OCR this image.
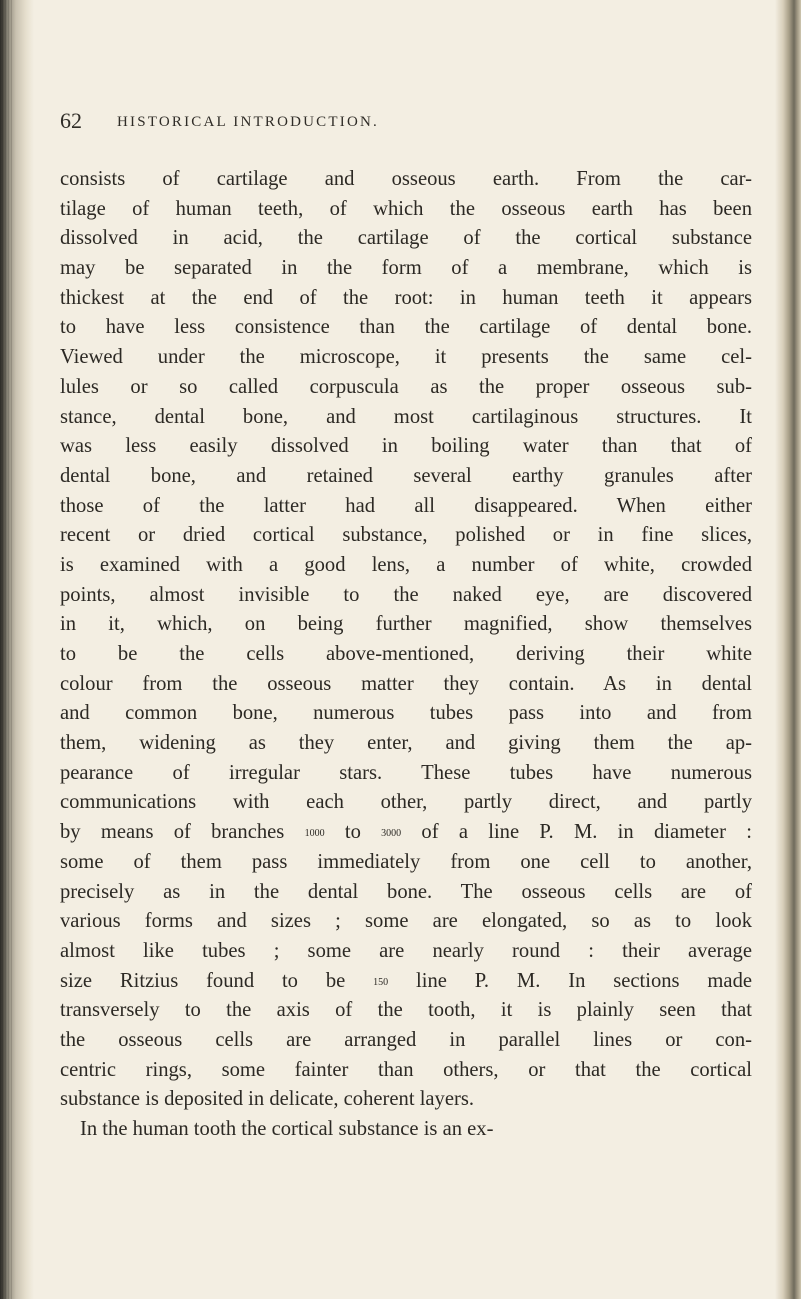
62 HISTORICAL INTRODUCTION.
consists of cartilage and osseous earth. From the car-
tilage of human teeth, of which the osseous earth has been
dissolved in acid, the cartilage of the cortical substance
may be separated in the form of a membrane, which is
thickest at the end of the root: in human teeth it appears
to have less consistence than the cartilage of dental bone.
Viewed under the microscope, it presents the same cel-
lules or so called corpuscula as the proper osseous sub-
stance, dental bone, and most cartilaginous structures. It
was less easily dissolved in boiling water than that of
dental bone, and retained several earthy granules after
those of the latter had all disappeared. When either
recent or dried cortical substance, polished or in fine slices,
is examined with a good lens, a number of white, crowded
points, almost invisible to the naked eye, are discovered
in it, which, on being further magnified, show themselves
to be the cells above-mentioned, deriving their white
colour from the osseous matter they contain. As in dental
and common bone, numerous tubes pass into and from
them, widening as they enter, and giving them the ap-
pearance of irregular stars. These tubes have numerous
communications with each other, partly direct, and partly
by means of branches 1000 to 3000 of a line P. M. in diameter :
some of them pass immediately from one cell to another,
precisely as in the dental bone. The osseous cells are of
various forms and sizes ; some are elongated, so as to look
almost like tubes ; some are nearly round : their average
size Ritzius found to be	150 line P. M. In sections made
transversely to the axis of the tooth, it is plainly seen that
the osseous cells are arranged in parallel lines or con-
centric rings, some fainter than others, or that the cortical
substance is deposited in delicate, coherent layers.
In the human tooth the cortical substance is an ex-
